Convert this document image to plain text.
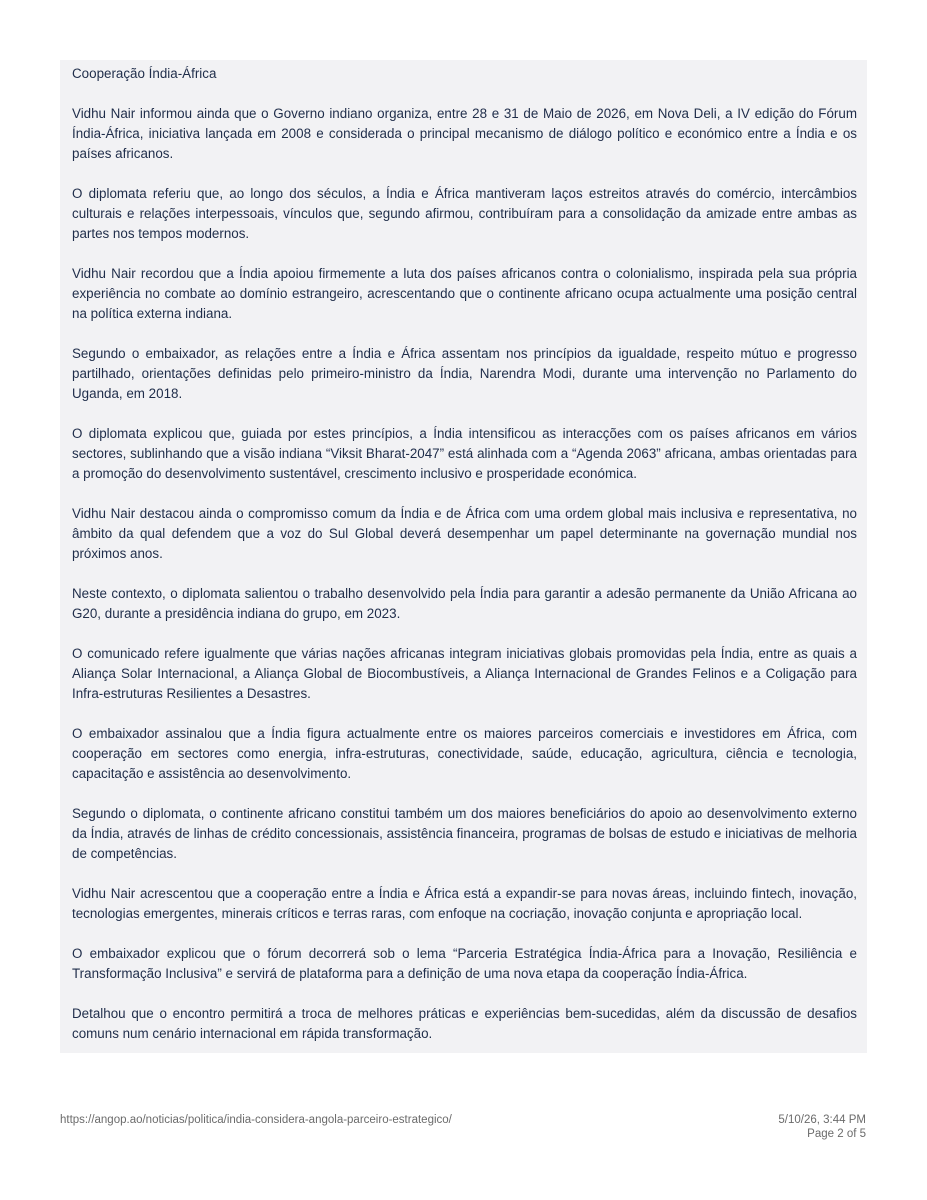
Cooperação Índia-África

Vidhu Nair informou ainda que o Governo indiano organiza, entre 28 e 31 de Maio de 2026, em Nova Deli, a IV edição do Fórum Índia-África, iniciativa lançada em 2008 e considerada o principal mecanismo de diálogo político e económico entre a Índia e os países africanos.

O diplomata referiu que, ao longo dos séculos, a Índia e África mantiveram laços estreitos através do comércio, intercâmbios culturais e relações interpessoais, vínculos que, segundo afirmou, contribuíram para a consolidação da amizade entre ambas as partes nos tempos modernos.

Vidhu Nair recordou que a Índia apoiou firmemente a luta dos países africanos contra o colonialismo, inspirada pela sua própria experiência no combate ao domínio estrangeiro, acrescentando que o continente africano ocupa actualmente uma posição central na política externa indiana.

Segundo o embaixador, as relações entre a Índia e África assentam nos princípios da igualdade, respeito mútuo e progresso partilhado, orientações definidas pelo primeiro-ministro da Índia, Narendra Modi, durante uma intervenção no Parlamento do Uganda, em 2018.

O diplomata explicou que, guiada por estes princípios, a Índia intensificou as interacções com os países africanos em vários sectores, sublinhando que a visão indiana “Viksit Bharat-2047” está alinhada com a “Agenda 2063” africana, ambas orientadas para a promoção do desenvolvimento sustentável, crescimento inclusivo e prosperidade económica.

Vidhu Nair destacou ainda o compromisso comum da Índia e de África com uma ordem global mais inclusiva e representativa, no âmbito da qual defendem que a voz do Sul Global deverá desempenhar um papel determinante na governação mundial nos próximos anos.

Neste contexto, o diplomata salientou o trabalho desenvolvido pela Índia para garantir a adesão permanente da União Africana ao G20, durante a presidência indiana do grupo, em 2023.

O comunicado refere igualmente que várias nações africanas integram iniciativas globais promovidas pela Índia, entre as quais a Aliança Solar Internacional, a Aliança Global de Biocombustíveis, a Aliança Internacional de Grandes Felinos e a Coligação para Infra-estruturas Resilientes a Desastres.

O embaixador assinalou que a Índia figura actualmente entre os maiores parceiros comerciais e investidores em África, com cooperação em sectores como energia, infra-estruturas, conectividade, saúde, educação, agricultura, ciência e tecnologia, capacitação e assistência ao desenvolvimento.

Segundo o diplomata, o continente africano constitui também um dos maiores beneficiários do apoio ao desenvolvimento externo da Índia, através de linhas de crédito concessionais, assistência financeira, programas de bolsas de estudo e iniciativas de melhoria de competências.

Vidhu Nair acrescentou que a cooperação entre a Índia e África está a expandir-se para novas áreas, incluindo fintech, inovação, tecnologias emergentes, minerais críticos e terras raras, com enfoque na cocriação, inovação conjunta e apropriação local.

O embaixador explicou que o fórum decorrerá sob o lema “Parceria Estratégica Índia-África para a Inovação, Resiliência e Transformação Inclusiva” e servirá de plataforma para a definição de uma nova etapa da cooperação Índia-África.

Detalhou que o encontro permitirá a troca de melhores práticas e experiências bem-sucedidas, além da discussão de desafios comuns num cenário internacional em rápida transformação.

https://angop.ao/noticias/politica/india-considera-angola-parceiro-estrategico/	5/10/26, 3:44 PM
Page 2 of 5
